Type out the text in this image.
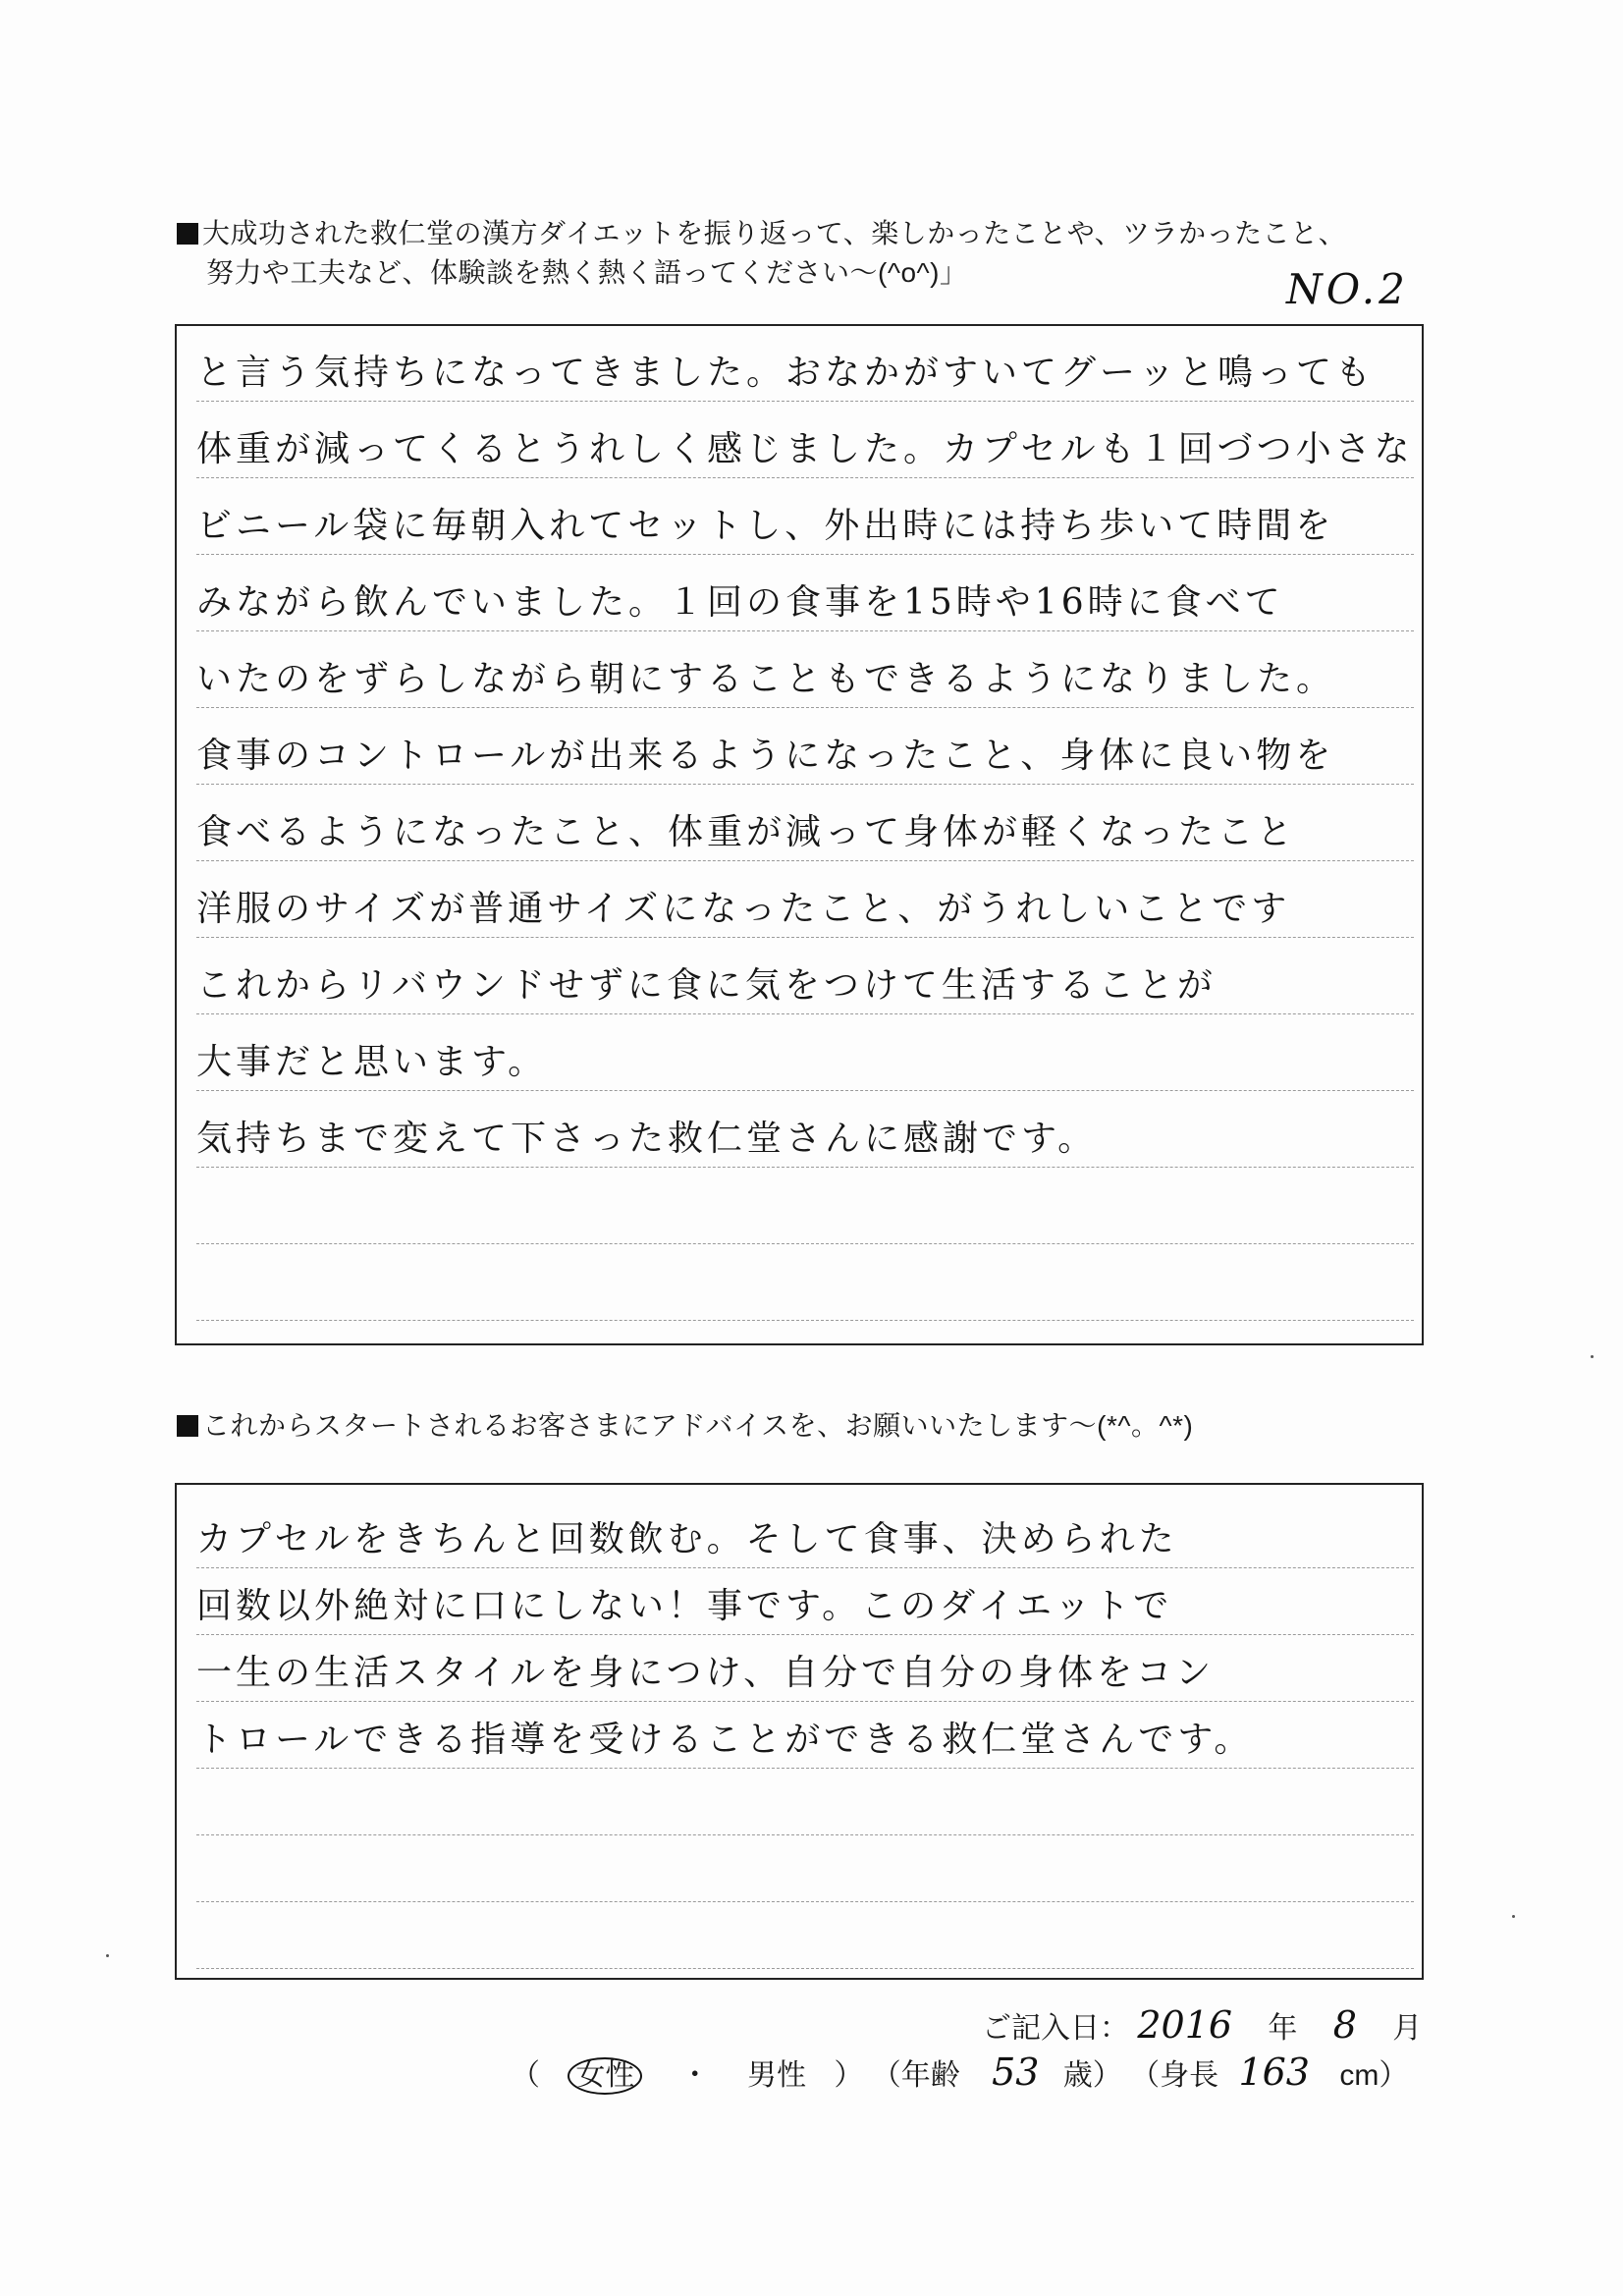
大成功された救仁堂の漢方ダイエットを振り返って、楽しかったことや、ツラかったこと、
努力や工夫など、体験談を熱く熱く語ってください～(^o^)」	NO.2
と言う気持ちになってきました。おなかがすいてグーッと鳴っても
体重が減ってくるとうれしく感じました。カプセルも１回づつ小さな
ビニール袋に毎朝入れてセットし、外出時には持ち歩いて時間を
みながら飲んでいました。１回の食事を15時や16時に食べて
いたのをずらしながら朝にすることもできるようになりました。
食事のコントロールが出来るようになったこと、身体に良い物を
食べるようになったこと、体重が減って身体が軽くなったこと
洋服のサイズが普通サイズになったこと、がうれしいことです
これからリバウンドせずに食に気をつけて生活することが
大事だと思います。
気持ちまで変えて下さった救仁堂さんに感謝です。
これからスタートされるお客さまにアドバイスを、お願いいたします～(*^。^*)
カプセルをきちんと回数飲む。そして食事、決められた
回数以外絶対に口にしない！事です。このダイエットで
一生の生活スタイルを身につけ、自分で自分の身体をコン
トロールできる指導を受けることができる救仁堂さんです。
ご記入日： 2016 年 8 月
（ 女性 ・ 男性 ） （年齢 53 歳） （身長 163 cm）
